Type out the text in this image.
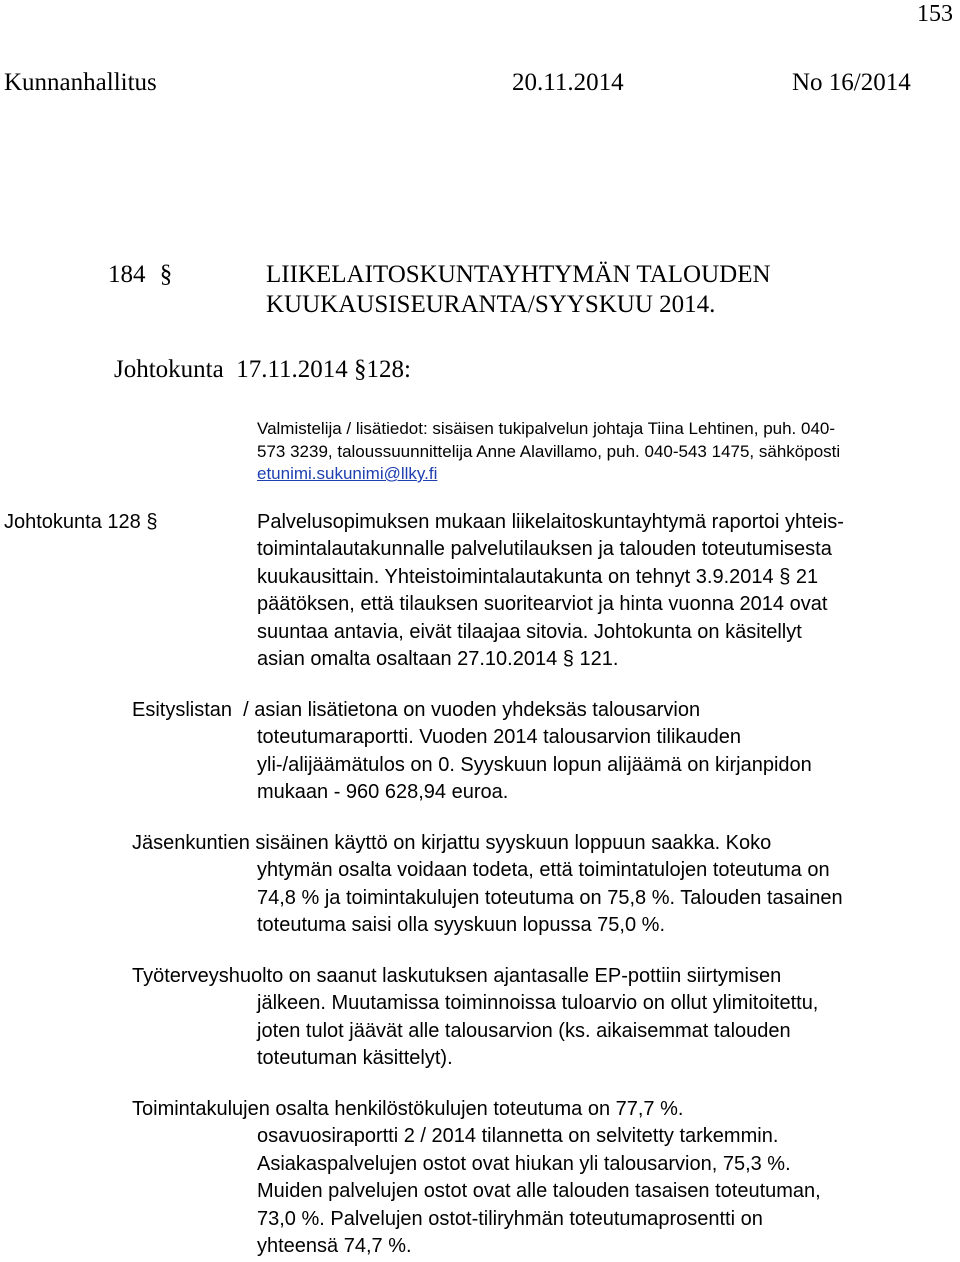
153
Kunnanhallitus	20.11.2014	No 16/2014
184 §	LIIKELAITOSKUNTAYHTYMÄN TALOUDEN
KUUKAUSISEURANTA/SYYSKUU 2014.
Johtokunta  17.11.2014 §128:
Valmistelija / lisätiedot: sisäisen tukipalvelun johtaja Tiina Lehtinen, puh. 040-
573 3239, taloussuunnittelija Anne Alavillamo, puh. 040-543 1475, sähköposti
etunimi.sukunimi@llky.fi
Johtokunta 128 §	Palvelusopimuksen mukaan liikelaitoskuntayhtymä raportoi yhteis-
toimintalautakunnalle palvelutilauksen ja talouden toteutumisesta
kuukausittain. Yhteistoimintalautakunta on tehnyt 3.9.2014 § 21
päätöksen, että tilauksen suoritearviot ja hinta vuonna 2014 ovat
suuntaa antavia, eivät tilaajaa sitovia. Johtokunta on käsitellyt
asian omalta osaltaan 27.10.2014 § 121.
Esityslistan  / asian lisätietona on vuoden yhdeksäs talousarvion
toteutumaraportti. Vuoden 2014 talousarvion tilikauden
yli-/alijäämätulos on 0. Syyskuun lopun alijäämä on kirjanpidon
mukaan - 960 628,94 euroa.
Jäsenkuntien sisäinen käyttö on kirjattu syyskuun loppuun saakka. Koko
yhtymän osalta voidaan todeta, että toimintatulojen toteutuma on
74,8 % ja toimintakulujen toteutuma on 75,8 %. Talouden tasainen
toteutuma saisi olla syyskuun lopussa 75,0 %.
Työterveyshuolto on saanut laskutuksen ajantasalle EP-pottiin siirtymisen
jälkeen. Muutamissa toiminnoissa tuloarvio on ollut ylimitoitettu,
joten tulot jäävät alle talousarvion (ks. aikaisemmat talouden
toteutuman käsittelyt).
Toimintakulujen osalta henkilöstökulujen toteutuma on 77,7 %.
osavuosiraportti 2 / 2014 tilannetta on selvitetty tarkemmin.
Asiakaspalvelujen ostot ovat hiukan yli talousarvion, 75,3 %.
Muiden palvelujen ostot ovat alle talouden tasaisen toteutuman,
73,0 %. Palvelujen ostot-tiliryhmän toteutumaprosentti on
yhteensä 74,7 %.
